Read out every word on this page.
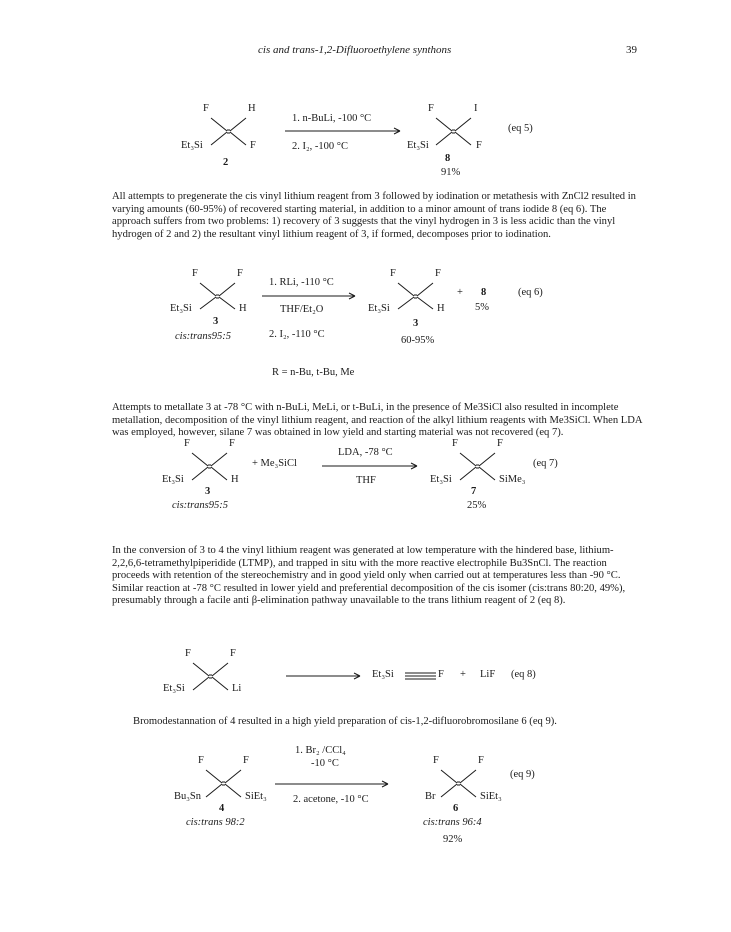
cis and trans-1,2-Difluoroethylene synthons	39
F	H
Et₃Si	F
2
1. n-BuLi, -100 °C
2. I₂, -100 °C
F	I
Et₃Si	F
8
91%
(eq 5)
All attempts to pregenerate the cis vinyl lithium reagent from 3 followed by iodination or metathesis with ZnCl2 resulted in varying amounts (60-95%) of recovered starting material, in addition to a minor amount of trans iodide 8 (eq 6). The approach suffers from two problems: 1) recovery of 3 suggests that the vinyl hydrogen in 3 is less acidic than the vinyl hydrogen of 2 and 2) the resultant vinyl lithium reagent of 3, if formed, decomposes prior to iodination.
F	F
Et₃Si	H
3
cis:trans95:5
1. RLi, -110 °C
THF/Et₂O
2. I₂, -110 °C
F	F
Et₃Si	H
3
60-95%
+ 8
5%
(eq 6)
R = n-Bu, t-Bu, Me
Attempts to metallate 3 at -78 °C with n-BuLi, MeLi, or t-BuLi, in the presence of Me3SiCl also resulted in incomplete metallation, decomposition of the vinyl lithium reagent, and reaction of the alkyl lithium reagents with Me3SiCl. When LDA was employed, however, silane 7 was obtained in low yield and starting material was not recovered (eq 7).
F	F
Et₃Si	H
3
cis:trans95:5
+ Me₃SiCl
LDA, -78 °C
THF
F	F
Et₃Si	SiMe₃
7
25%
(eq 7)
In the conversion of 3 to 4 the vinyl lithium reagent was generated at low temperature with the hindered base, lithium-2,2,6,6-tetramethylpiperidide (LTMP), and trapped in situ with the more reactive electrophile Bu3SnCl. The reaction proceeds with retention of the stereochemistry and in good yield only when carried out at temperatures less than -90 °C. Similar reaction at -78 °C resulted in lower yield and preferential decomposition of the cis isomer (cis:trans 80:20, 49%), presumably through a facile anti β-elimination pathway unavailable to the trans lithium reagent of 2 (eq 8).
F	F
Et₃Si	Li
Et₃Si	F + LiF (eq 8)
Bromodestannation of 4 resulted in a high yield preparation of cis-1,2-difluorobromosilane 6 (eq 9).
F	F
Bu₃Sn	SiEt₃
4
cis:trans 98:2
1. Br₂ /CCl₄
-10 °C
2. acetone, -10 °C
F	F
Br	SiEt₃
6
cis:trans 96:4
92%
(eq 9)
